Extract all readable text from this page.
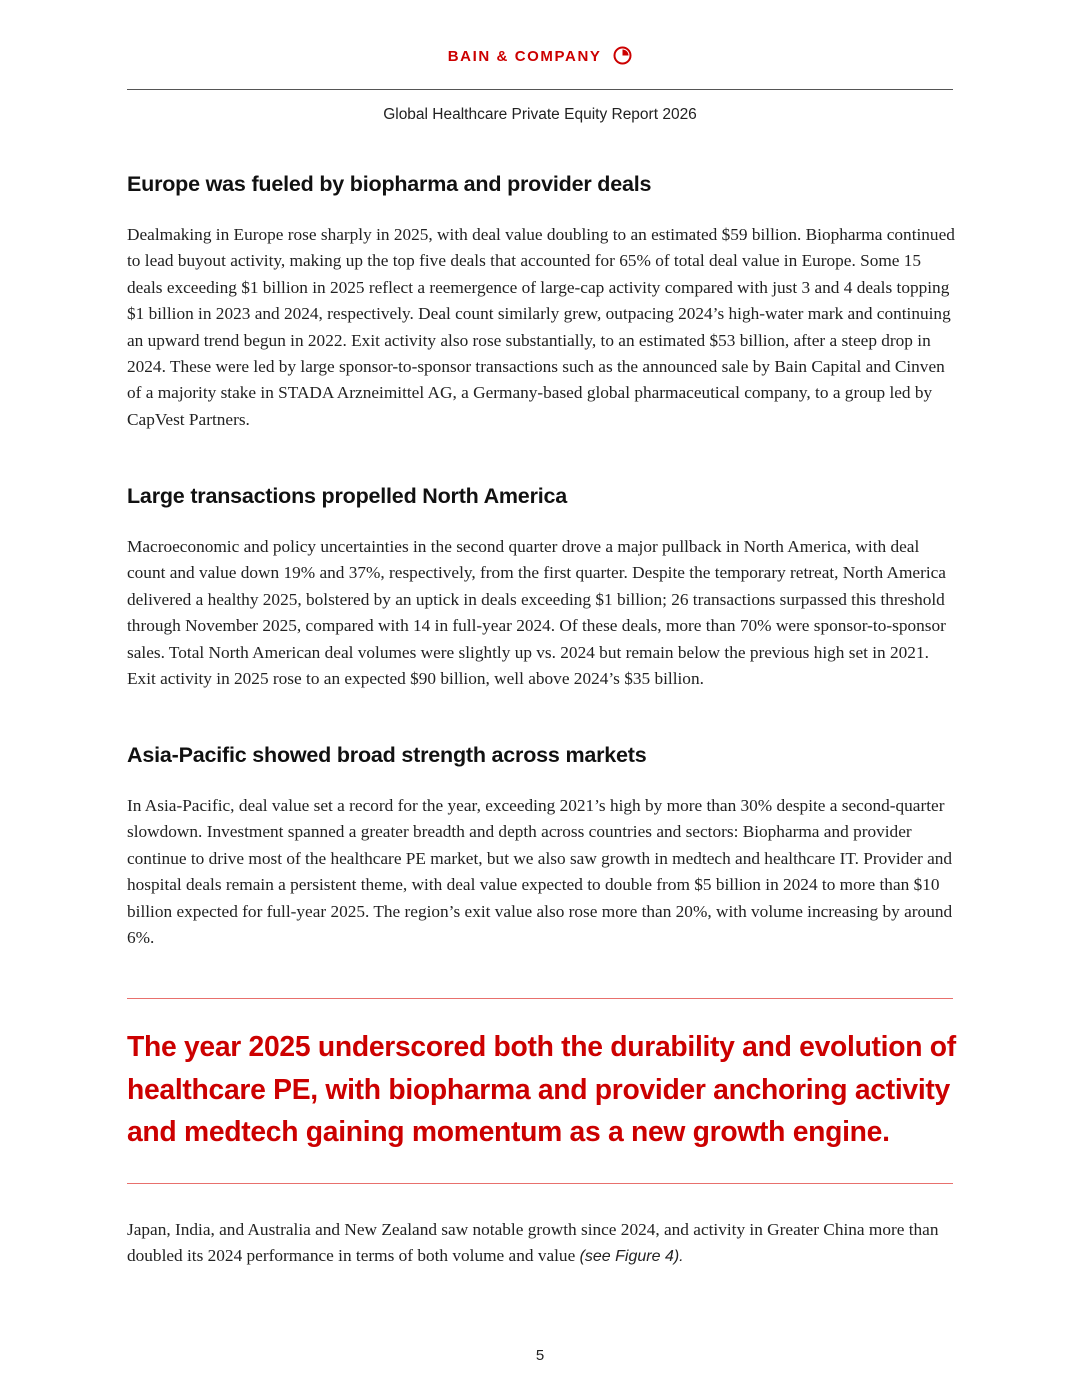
BAIN & COMPANY
Global Healthcare Private Equity Report 2026
Europe was fueled by biopharma and provider deals

Dealmaking in Europe rose sharply in 2025, with deal value doubling to an estimated $59 billion. Biopharma continued to lead buyout activity, making up the top five deals that accounted for 65% of total deal value in Europe. Some 15 deals exceeding $1 billion in 2025 reflect a reemergence of large-cap activity compared with just 3 and 4 deals topping $1 billion in 2023 and 2024, respectively. Deal count similarly grew, outpacing 2024’s high-water mark and continuing an upward trend begun in 2022. Exit activity also rose substantially, to an estimated $53 billion, after a steep drop in 2024. These were led by large sponsor-to-sponsor transactions such as the announced sale by Bain Capital and Cinven of a majority stake in STADA Arzneimittel AG, a Germany-based global pharmaceutical company, to a group led by CapVest Partners.

Large transactions propelled North America

Macroeconomic and policy uncertainties in the second quarter drove a major pullback in North America, with deal count and value down 19% and 37%, respectively, from the first quarter. Despite the temporary retreat, North America delivered a healthy 2025, bolstered by an uptick in deals exceeding $1 billion; 26 transactions surpassed this threshold through November 2025, compared with 14 in full-year 2024. Of these deals, more than 70% were sponsor-to-sponsor sales. Total North American deal volumes were slightly up vs. 2024 but remain below the previous high set in 2021. Exit activity in 2025 rose to an expected $90 billion, well above 2024’s $35 billion.

Asia-Pacific showed broad strength across markets

In Asia-Pacific, deal value set a record for the year, exceeding 2021’s high by more than 30% despite a second-quarter slowdown. Investment spanned a greater breadth and depth across countries and sectors: Biopharma and provider continue to drive most of the healthcare PE market, but we also saw growth in medtech and healthcare IT. Provider and hospital deals remain a persistent theme, with deal value expected to double from $5 billion in 2024 to more than $10 billion expected for full-year 2025. The region’s exit value also rose more than 20%, with volume increasing by around 6%.

The year 2025 underscored both the durability and evolution of healthcare PE, with biopharma and provider anchoring activity and medtech gaining momentum as a new growth engine.

Japan, India, and Australia and New Zealand saw notable growth since 2024, and activity in Greater China more than doubled its 2024 performance in terms of both volume and value (see Figure 4).

5
